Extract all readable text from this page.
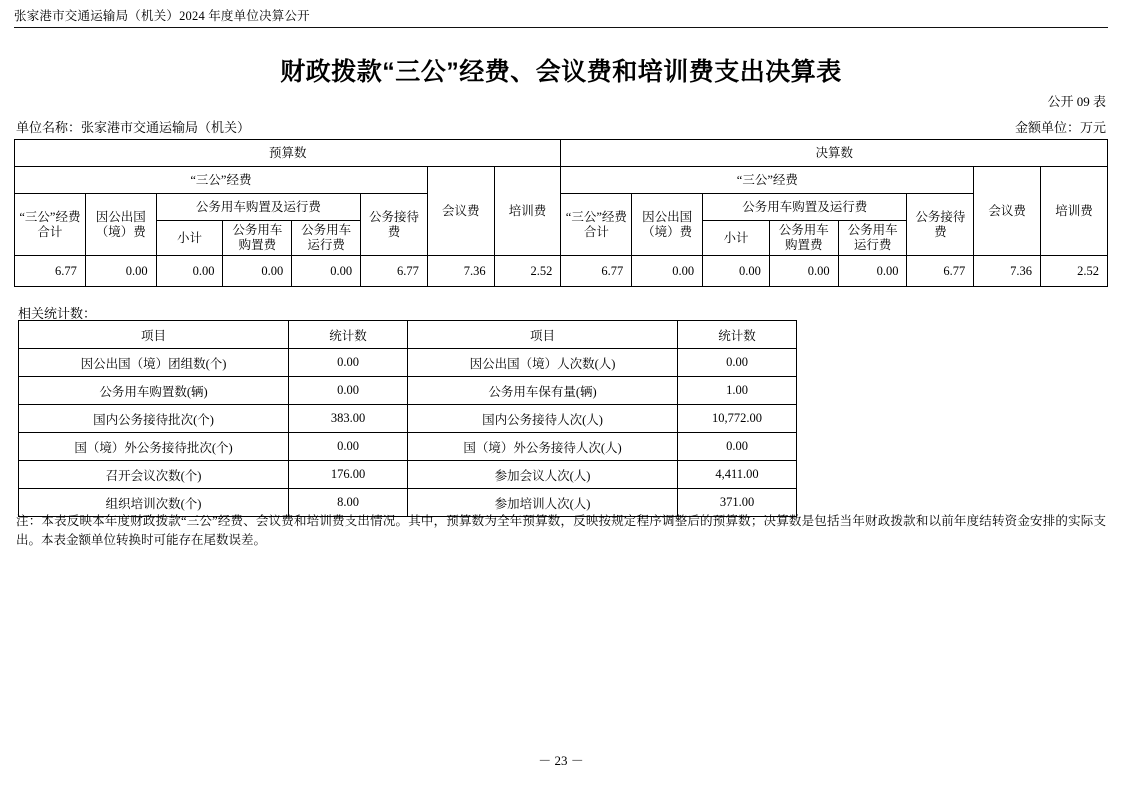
张家港市交通运输局（机关）2024 年度单位决算公开
财政拨款“三公”经费、会议费和培训费支出决算表
公开 09 表
单位名称：张家港市交通运输局（机关）	金额单位：万元
预算数								决算数							
“三公”经费						会议费	培训费	“三公”经费						会议费	培训费
“三公”经费合计	因公出国（境）费	公务用车购置及运行费			公务接待费			“三公”经费合计	因公出国（境）费	公务用车购置及运行费			公务接待费		
		小计	公务用车购置费	公务用车运行费						小计	公务用车购置费	公务用车运行费			
6.77	0.00	0.00	0.00	0.00	6.77	7.36	2.52	6.77	0.00	0.00	0.00	0.00	6.77	7.36	2.52
相关统计数：
项目	统计数	项目	统计数
因公出国（境）团组数(个)	0.00	因公出国（境）人次数(人)	0.00
公务用车购置数(辆)	0.00	公务用车保有量(辆)	1.00
国内公务接待批次(个)	383.00	国内公务接待人次(人)	10,772.00
国（境）外公务接待批次(个)	0.00	国（境）外公务接待人次(人)	0.00
召开会议次数(个)	176.00	参加会议人次(人)	4,411.00
组织培训次数(个)	8.00	参加培训人次(人)	371.00
注：本表反映本年度财政拨款“三公”经费、会议费和培训费支出情况。其中，预算数为全年预算数，反映按规定程序调整后的预算数；决算数是包括当年财政拨款和以前年度结转资金安排的实际支出。本表金额单位转换时可能存在尾数误差。
－ 23 －
